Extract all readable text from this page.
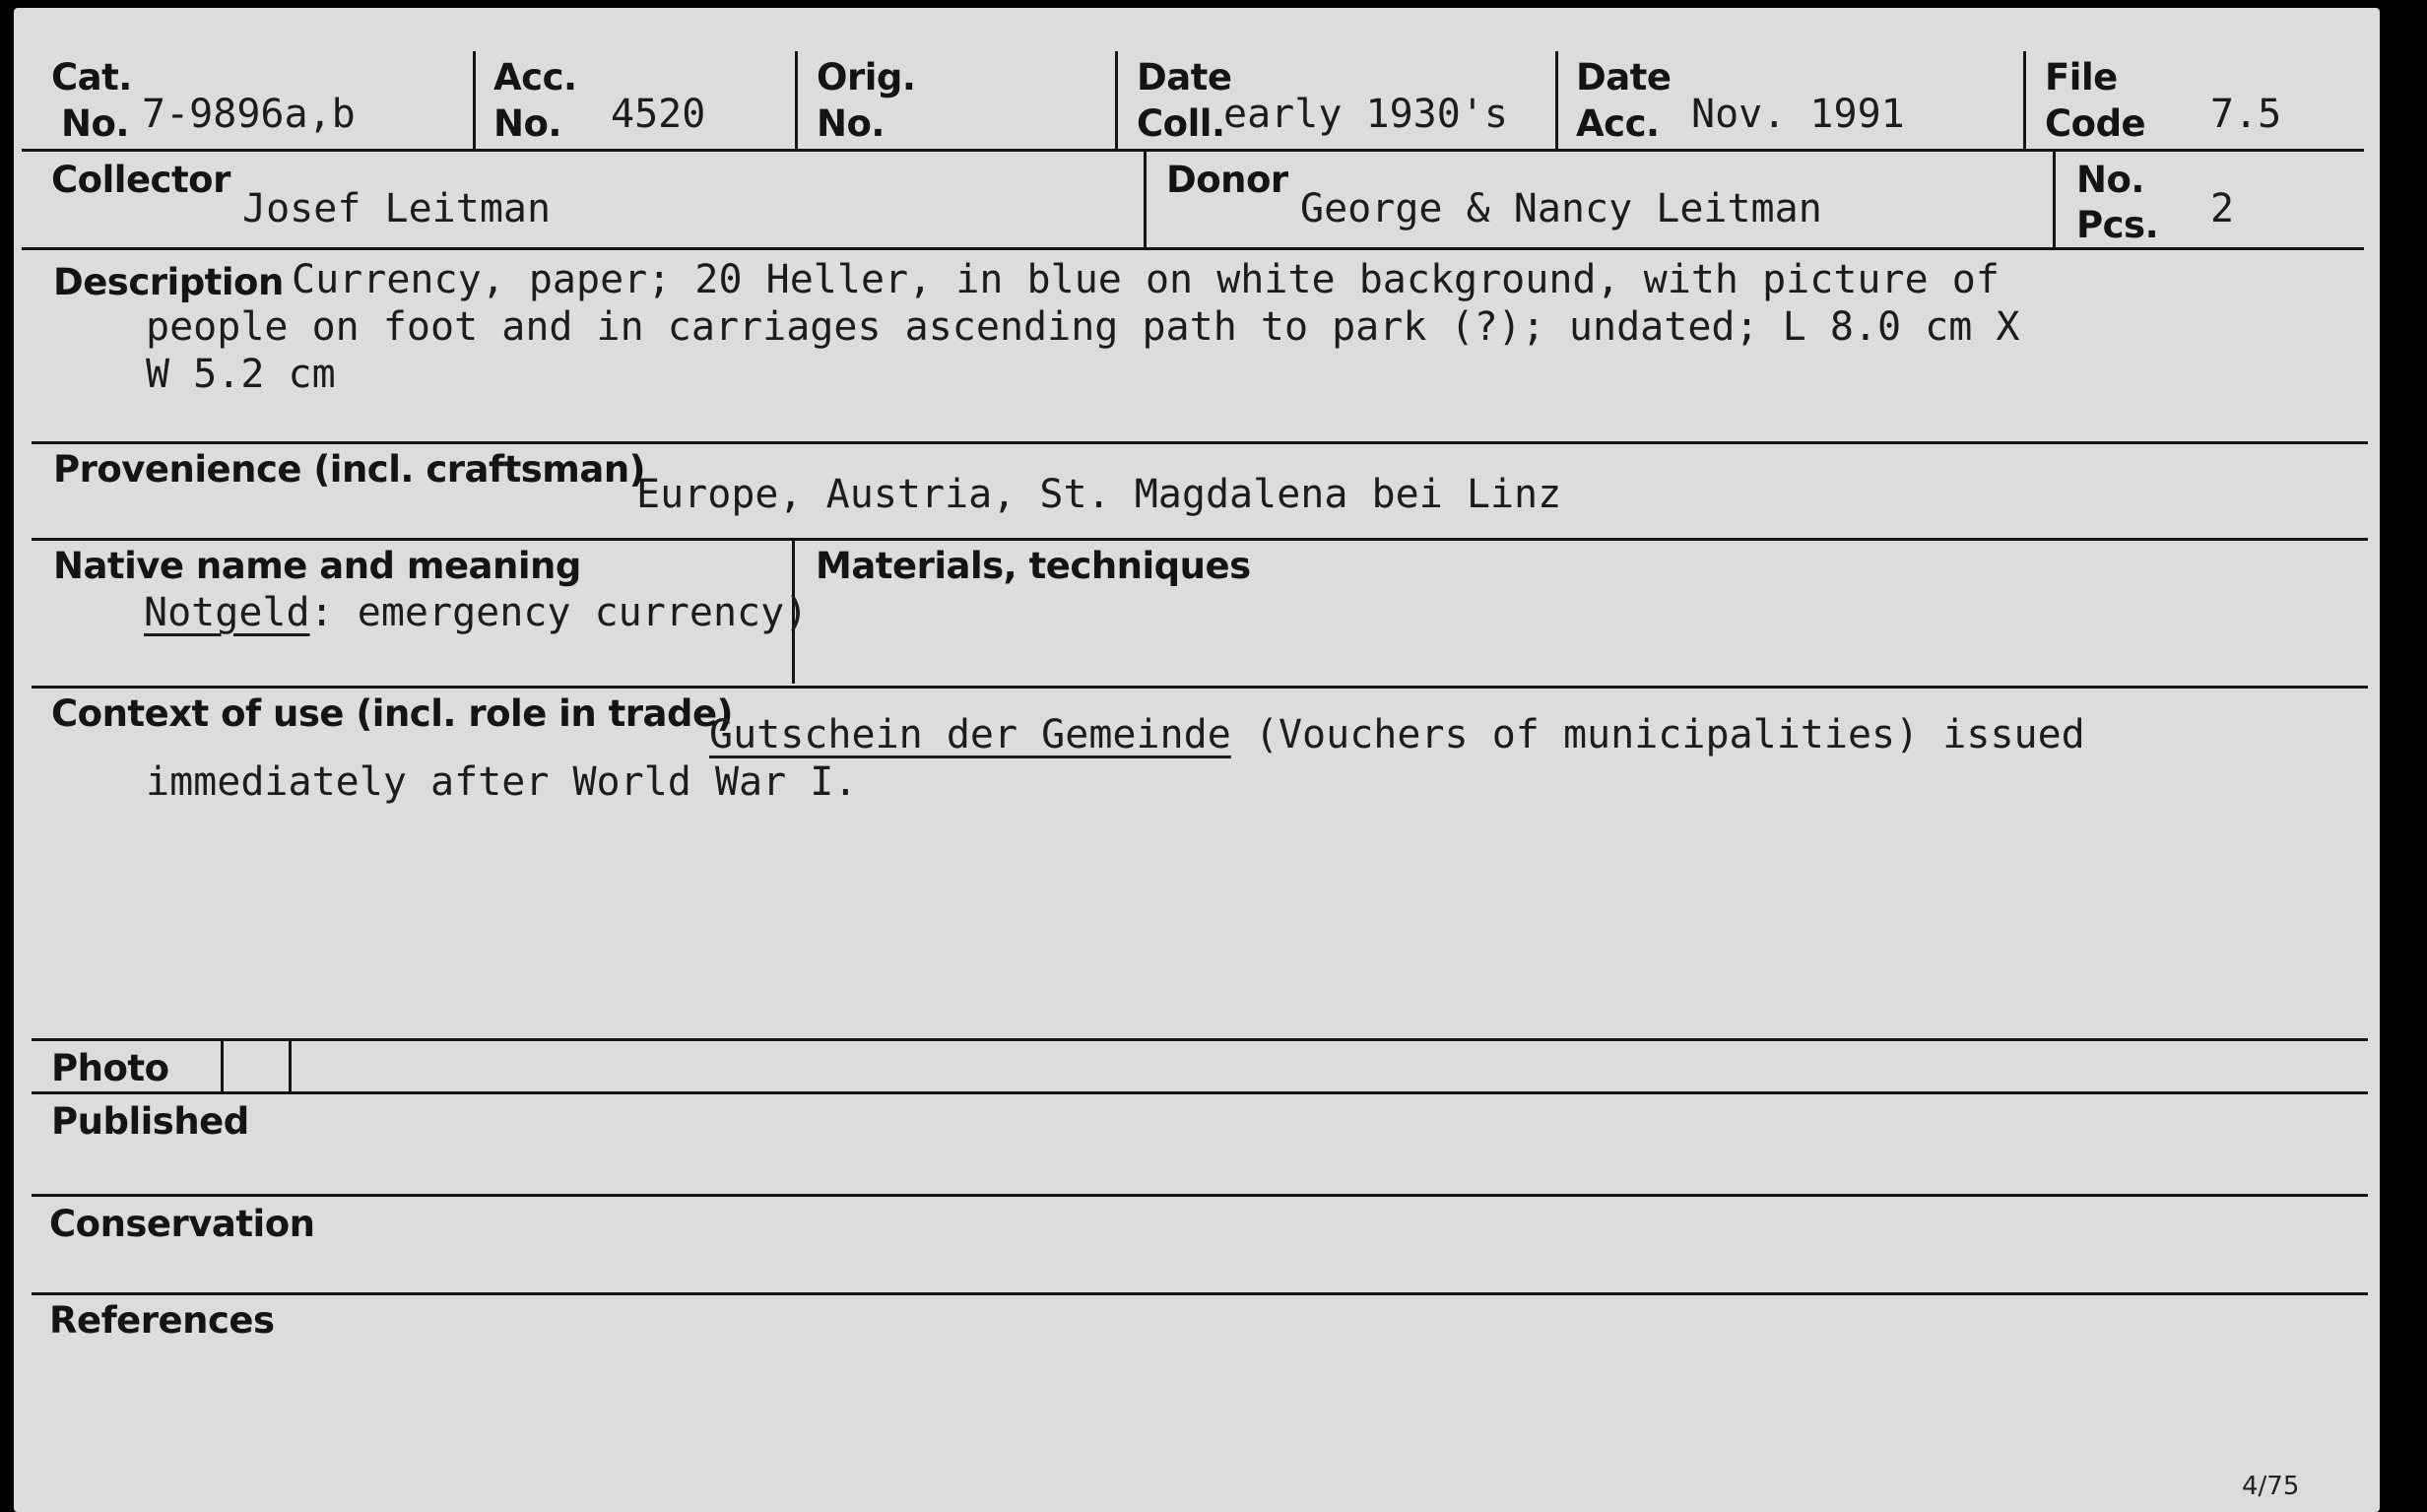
Cat.
No. 7-9896a,b
Acc.
No. 4520
Orig.
No.
Date
Coll.
early 1930's
Date
Acc. Nov. 1991
File
Code 7.5
Collector
Josef Leitman
Donor
George & Nancy Leitman
No.
Pcs. 2
Description Currency, paper; 20 Heller, in blue on white background, with picture of
people on foot and in carriages ascending path to park (?); undated; L 8.0 cm X
W 5.2 cm
Provenience (incl. craftsman)
Europe, Austria, St. Magdalena bei Linz
Native name and meaning
Notgeld: emergency currency)
Materials, techniques
Context of use (incl. role in trade)
Gutschein der Gemeinde (Vouchers of municipalities) issued
immediately after World War I.
Photo
Published
Conservation
References
4/75
